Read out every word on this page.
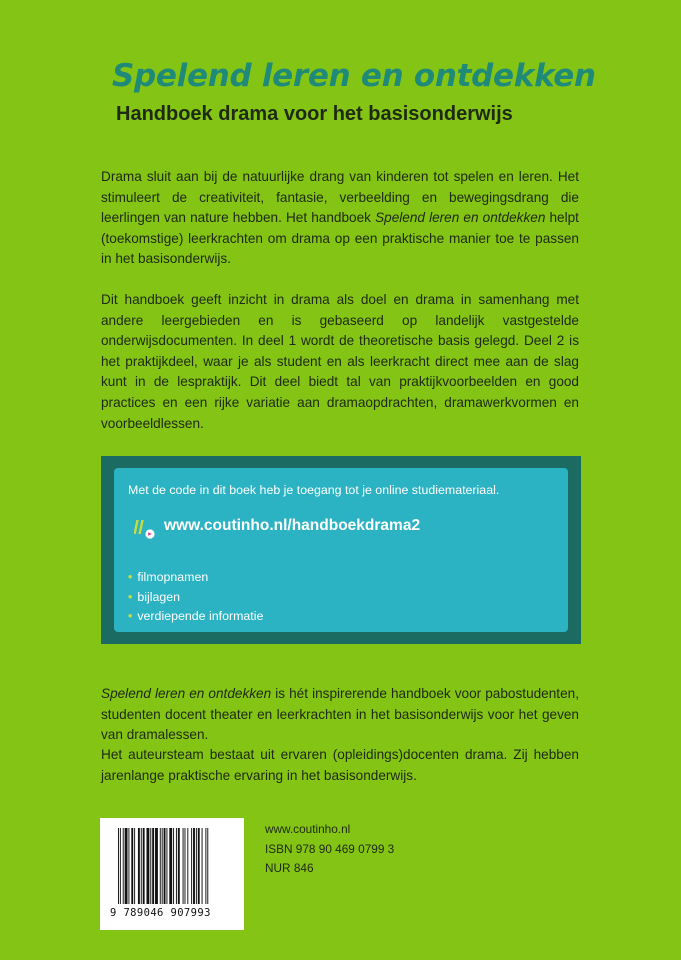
Spelend leren en ontdekken
Handboek drama voor het basisonderwijs

Drama sluit aan bij de natuurlijke drang van kinderen tot spelen en leren. Het stimuleert de creativiteit, fantasie, verbeelding en bewegingsdrang die leerlingen van nature hebben. Het handboek Spelend leren en ontdekken helpt (toekomstige) leerkrachten om drama op een praktische manier toe te passen in het basisonderwijs.

Dit handboek geeft inzicht in drama als doel en drama in samenhang met andere leergebieden en is gebaseerd op landelijk vastgestelde onderwijsdocumenten. In deel 1 wordt de theoretische basis gelegd. Deel 2 is het praktijkdeel, waar je als student en als leerkracht direct mee aan de slag kunt in de lespraktijk. Dit deel biedt tal van praktijkvoorbeelden en good practices en een rijke variatie aan dramaopdrachten, dramawerkvormen en voorbeeldlessen.

Met de code in dit boek heb je toegang tot je online studiemateriaal.

www.coutinho.nl/handboekdrama2

• filmopnamen
• bijlagen
• verdiepende informatie

Spelend leren en ontdekken is hét inspirerende handboek voor pabostudenten, studenten docent theater en leerkrachten in het basisonderwijs voor het geven van dramalessen.

Het auteursteam bestaat uit ervaren (opleidings)docenten drama. Zij hebben jarenlange praktische ervaring in het basisonderwijs.

9 789046 907993

www.coutinho.nl
ISBN 978 90 469 0799 3
NUR 846
